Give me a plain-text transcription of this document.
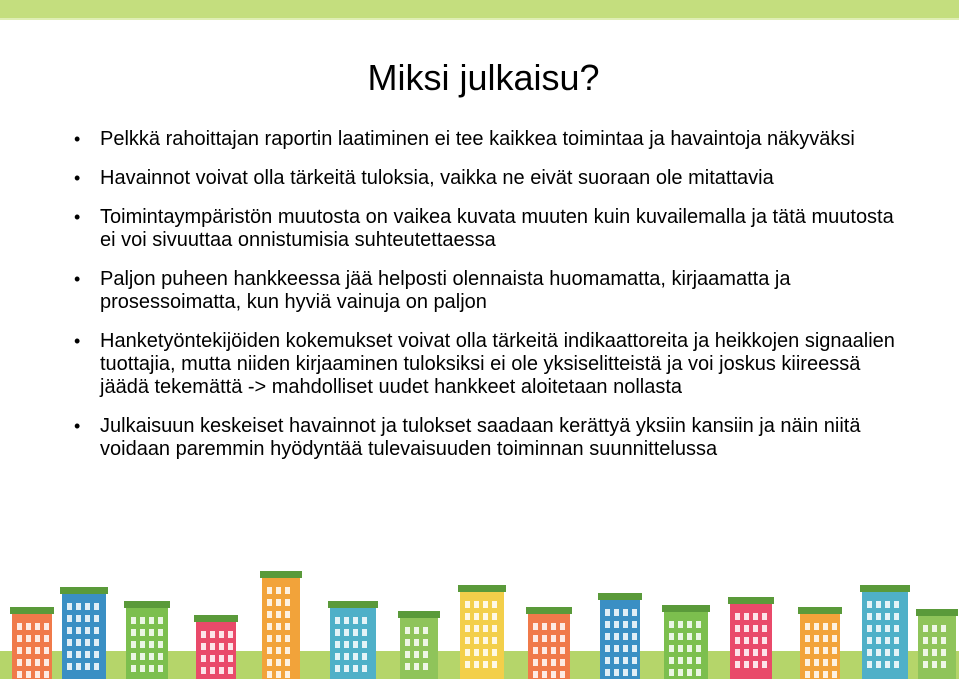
Miksi julkaisu?
• Pelkkä rahoittajan raportin laatiminen ei tee kaikkea toimintaa ja havaintoja näkyväksi
• Havainnot voivat olla tärkeitä tuloksia, vaikka ne eivät suoraan ole mitattavia
• Toimintaympäristön muutosta on vaikea kuvata muuten kuin kuvailemalla ja tätä muutosta ei voi sivuuttaa onnistumisia suhteutettaessa
• Paljon puheen hankkeessa jää helposti olennaista huomamatta, kirjaamatta ja prosessoimatta, kun hyviä vainuja on paljon
• Hanketyöntekijöiden kokemukset voivat olla tärkeitä indikaattoreita ja heikkojen signaalien tuottajia, mutta niiden kirjaaminen tuloksiksi ei ole yksiselitteistä ja voi joskus kiireessä jäädä tekemättä -> mahdolliset uudet hankkeet aloitetaan nollasta
• Julkaisuun keskeiset havainnot ja tulokset saadaan kerättyä yksiin kansiin ja näin niitä voidaan paremmin hyödyntää tulevaisuuden toiminnan suunnittelussa
